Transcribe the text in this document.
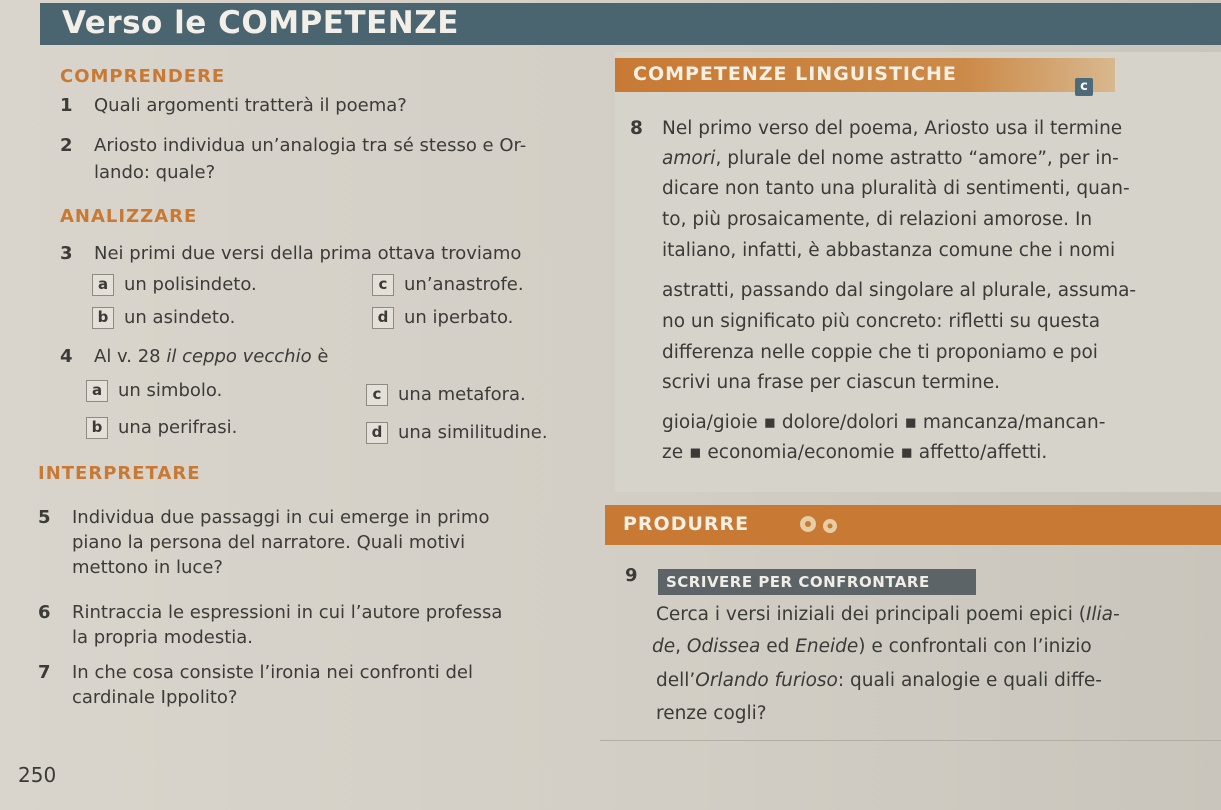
Verso le COMPETENZE
COMPRENDERE
1 Quali argomenti tratterà il poema?
2 Ariosto individua un’analogia tra sé stesso e Or-
lando: quale?
ANALIZZARE
3 Nei primi due versi della prima ottava troviamo
a un polisindeto.	c un’anastrofe.
b un asindeto.	d un iperbato.
4 Al v. 28 il ceppo vecchio è
a un simbolo.	c una metafora.
b una perifrasi.	d una similitudine.
INTERPRETARE
5 Individua due passaggi in cui emerge in primo
piano la persona del narratore. Quali motivi
mettono in luce?
6 Rintraccia le espressioni in cui l’autore professa
la propria modestia.
7 In che cosa consiste l’ironia nei confronti del
cardinale Ippolito?
COMPETENZE LINGUISTICHE
c
8 Nel primo verso del poema, Ariosto usa il termine
amori, plurale del nome astratto “amore”, per in-
dicare non tanto una pluralità di sentimenti, quan-
to, più prosaicamente, di relazioni amorose. In
italiano, infatti, è abbastanza comune che i nomi
astratti, passando dal singolare al plurale, assuma-
no un significato più concreto: rifletti su questa
differenza nelle coppie che ti proponiamo e poi
scrivi una frase per ciascun termine.
gioia/gioie ▪ dolore/dolori ▪ mancanza/mancan-
ze ▪ economia/economie ▪ affetto/affetti.
PRODURRE
9	SCRIVERE PER CONFRONTARE
Cerca i versi iniziali dei principali poemi epici (Ilia-
de, Odissea ed Eneide) e confrontali con l’inizio
dell’Orlando furioso: quali analogie e quali diffe-
renze cogli?
250
